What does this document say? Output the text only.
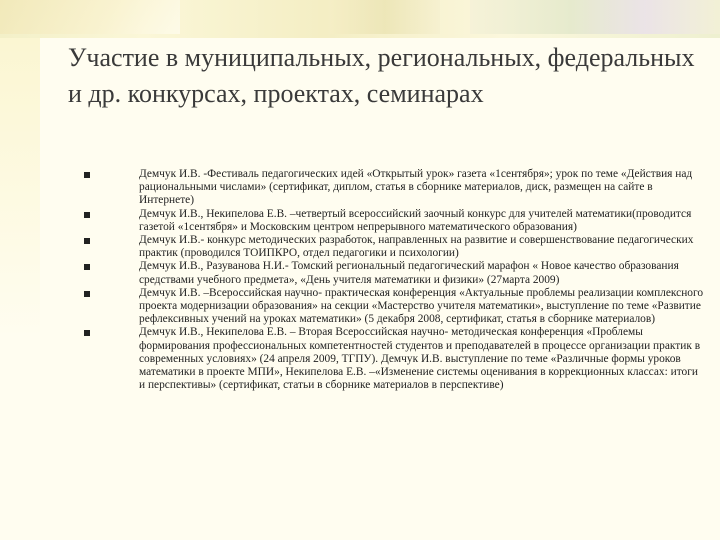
Участие в муниципальных, региональных, федеральных и др. конкурсах, проектах, семинарах
Демчук И.В. -Фестиваль педагогических идей «Открытый урок» газета «1сентября»; урок по теме «Действия над рациональными числами» (сертификат, диплом, статья в сборнике материалов, диск, размещен на сайте в Интернете)
Демчук И.В., Некипелова Е.В. –четвертый всероссийский заочный конкурс для учителей математики(проводится газетой «1сентября» и Московским центром непрерывного математического образования)
Демчук И.В.- конкурс методических разработок, направленных на развитие и совершенствование педагогических практик (проводился ТОИПКРО, отдел педагогики и психологии)
Демчук И.В., Разуванова Н.И.- Томский региональный педагогический марафон « Новое качество образования средствами учебного предмета», «День учителя математики и физики» (27марта 2009)
Демчук И.В. –Всероссийская научно- практическая конференция «Актуальные проблемы реализации комплексного проекта модернизации образования» на секции «Мастерство учителя математики», выступление по теме «Развитие рефлексивных учений на уроках математики» (5 декабря 2008, сертификат, статья в сборнике материалов)
Демчук И.В., Некипелова Е.В. – Вторая Всероссийская научно- методическая конференция «Проблемы формирования профессиональных компетентностей студентов и преподавателей в процессе организации практик в современных условиях» (24 апреля 2009, ТГПУ). Демчук И.В. выступление по теме «Различные формы уроков математики в проекте МПИ», Некипелова Е.В. –«Изменение системы оценивания в коррекционных классах: итоги и перспективы» (сертификат, статьи в сборнике материалов в перспективе)
